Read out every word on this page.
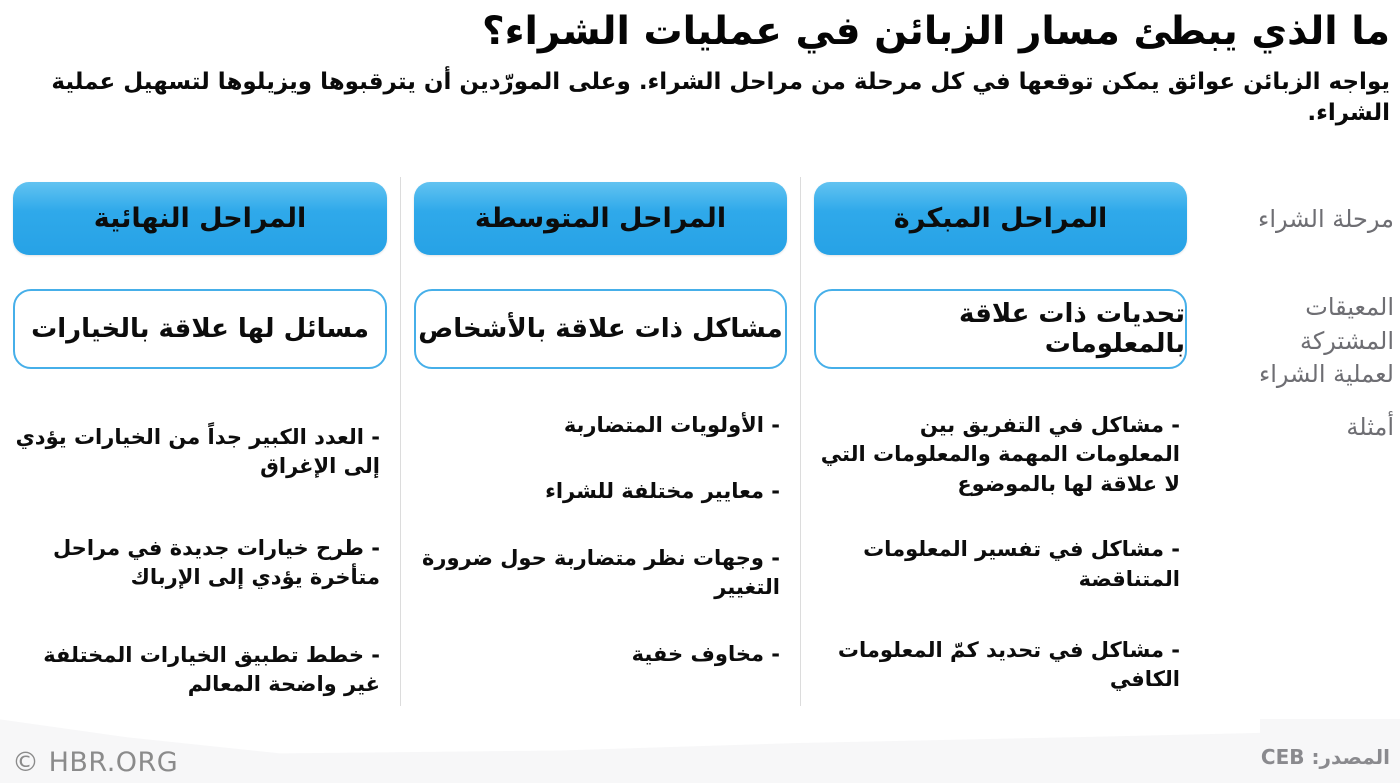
ما الذي يبطئ مسار الزبائن في عمليات الشراء؟
يواجه الزبائن عوائق يمكن توقعها في كل مرحلة من مراحل الشراء. وعلى المورّدين أن يترقبوها ويزيلوها لتسهيل عملية الشراء.
مرحلة الشراء
المعيقات المشتركة
لعملية الشراء
أمثلة
المراحل المبكرة
تحديات ذات علاقة بالمعلومات
- مشاكل في التفريق بين المعلومات المهمة والمعلومات التي لا علاقة لها بالموضوع
- مشاكل في تفسير المعلومات المتناقضة
- مشاكل في تحديد كمّ المعلومات الكافي
المراحل المتوسطة
مشاكل ذات علاقة بالأشخاص
- الأولويات المتضاربة
- معايير مختلفة للشراء
- وجهات نظر متضاربة حول ضرورة التغيير
- مخاوف خفية
المراحل النهائية
مسائل لها علاقة بالخيارات
- العدد الكبير جداً من الخيارات يؤدي إلى الإغراق
- طرح خيارات جديدة في مراحل متأخرة يؤدي إلى الإرباك
- خطط تطبيق الخيارات المختلفة غير واضحة المعالم
© HBR.ORG	المصدر: CEB
